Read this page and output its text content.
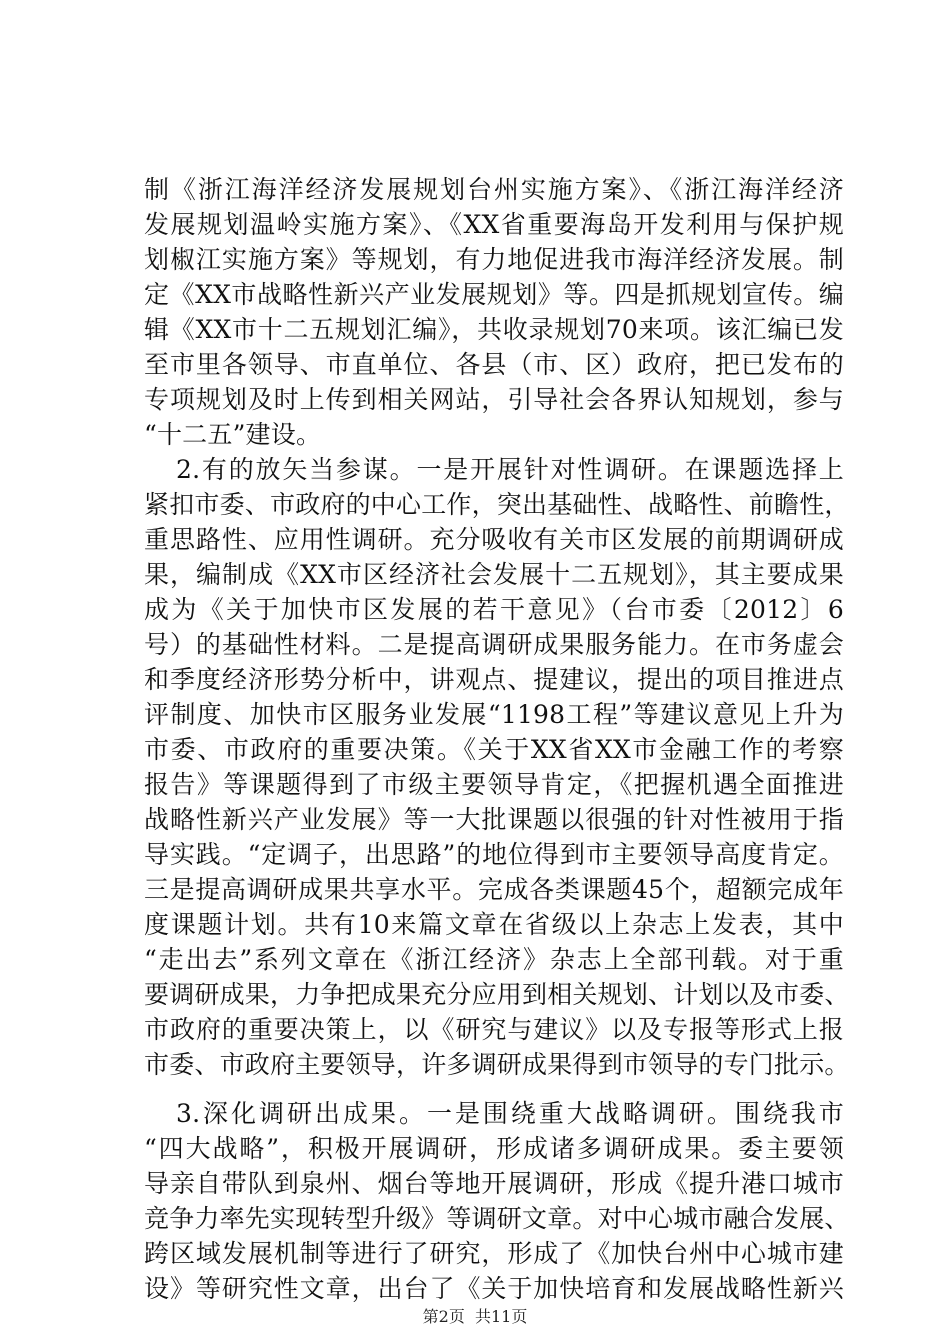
制《浙江海洋经济发展规划台州实施方案》、《浙江海洋经济
发展规划温岭实施方案》、《XX省重要海岛开发利用与保护规
划椒江实施方案》等规划，有力地促进我市海洋经济发展。制
定《XX市战略性新兴产业发展规划》等。四是抓规划宣传。编
辑《XX市十二五规划汇编》，共收录规划70来项。该汇编已发
至市里各领导、市直单位、各县（市、区）政府，把已发布的
专项规划及时上传到相关网站，引导社会各界认知规划，参与
“十二五”建设。
2.有的放矢当参谋。一是开展针对性调研。在课题选择上
紧扣市委、市政府的中心工作，突出基础性、战略性、前瞻性，
重思路性、应用性调研。充分吸收有关市区发展的前期调研成
果，编制成《XX市区经济社会发展十二五规划》，其主要成果
成为《关于加快市区发展的若干意见》（台市委〔2012〕6
号）的基础性材料。二是提高调研成果服务能力。在市务虚会
和季度经济形势分析中，讲观点、提建议，提出的项目推进点
评制度、加快市区服务业发展“1198工程”等建议意见上升为
市委、市政府的重要决策。《关于XX省XX市金融工作的考察
报告》等课题得到了市级主要领导肯定，《把握机遇全面推进
战略性新兴产业发展》等一大批课题以很强的针对性被用于指
导实践。“定调子，出思路”的地位得到市主要领导高度肯定。
三是提高调研成果共享水平。完成各类课题45个，超额完成年
度课题计划。共有10来篇文章在省级以上杂志上发表，其中
“走出去”系列文章在《浙江经济》杂志上全部刊载。对于重
要调研成果，力争把成果充分应用到相关规划、计划以及市委、
市政府的重要决策上，以《研究与建议》以及专报等形式上报
市委、市政府主要领导，许多调研成果得到市领导的专门批示。
3.深化调研出成果。一是围绕重大战略调研。围绕我市
“四大战略”，积极开展调研，形成诸多调研成果。委主要领
导亲自带队到泉州、烟台等地开展调研，形成《提升港口城市
竞争力率先实现转型升级》等调研文章。对中心城市融合发展、
跨区域发展机制等进行了研究，形成了《加快台州中心城市建
设》等研究性文章，出台了《关于加快培育和发展战略性新兴
第2页  共11页
